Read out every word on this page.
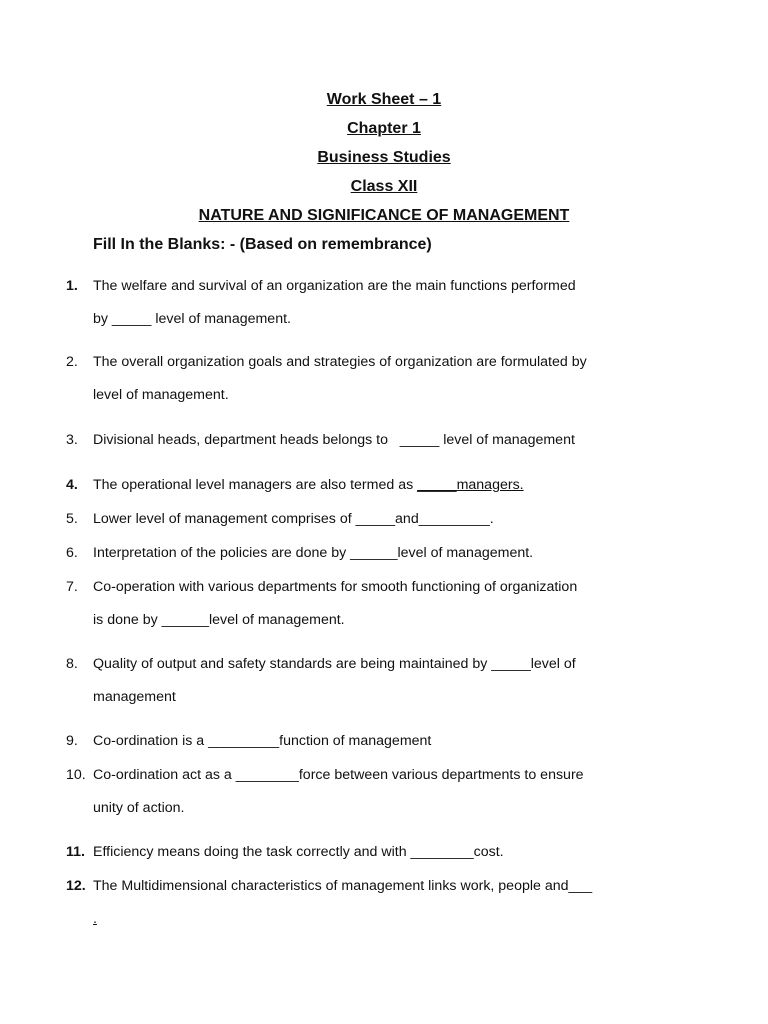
Work Sheet – 1
Chapter 1
Business Studies
Class XII
NATURE AND SIGNIFICANCE OF MANAGEMENT
Fill In the Blanks: - (Based on remembrance)
1. The welfare and survival of an organization are the main functions performed
by _____ level of management.
2. The overall organization goals and strategies of organization are formulated by
level of management.
3. Divisional heads, department heads belongs to   _____ level of management
4. The operational level managers are also termed as _____managers.
5. Lower level of management comprises of _____and_________.
6. Interpretation of the policies are done by ______level of management.
7. Co-operation with various departments for smooth functioning of organization
is done by ______level of management.
8. Quality of output and safety standards are being maintained by _____level of
management
9. Co-ordination is a _________function of management
10. Co-ordination act as a ________force between various departments to ensure
unity of action.
11. Efficiency means doing the task correctly and with ________cost.
12. The Multidimensional characteristics of management links work, people and___
.
